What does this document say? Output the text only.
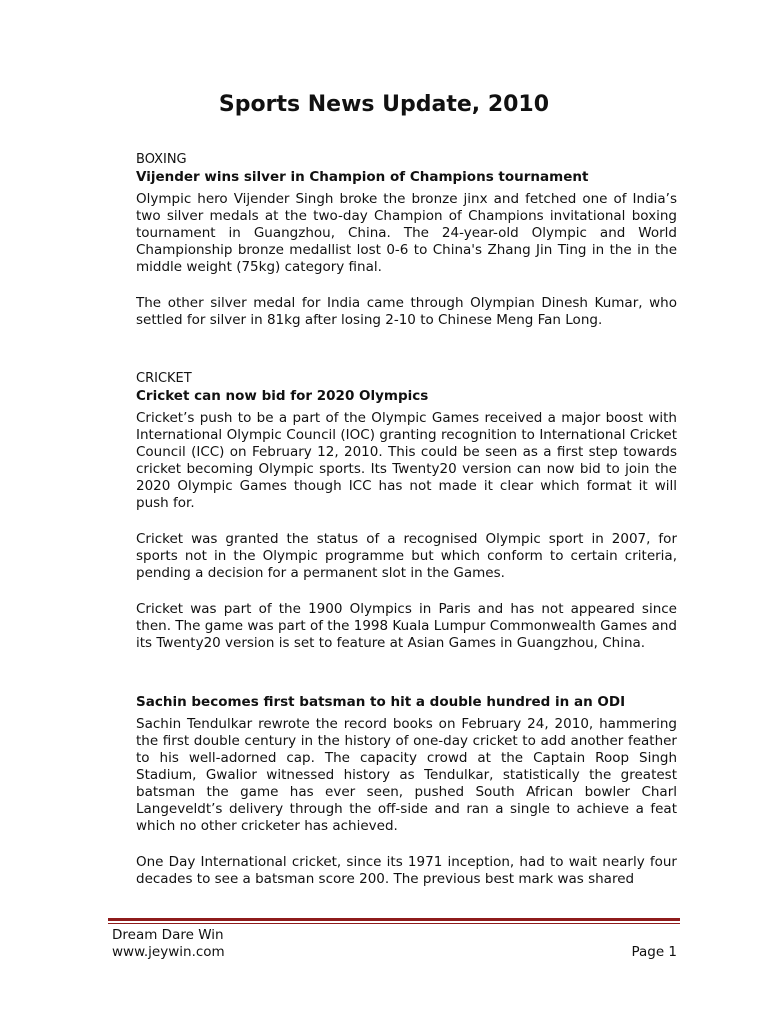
Sports News Update, 2010

BOXING

Vijender wins silver in Champion of Champions tournament

Olympic hero Vijender Singh broke the bronze jinx and fetched one of India’s two silver medals at the two-day Champion of Champions invitational boxing tournament in Guangzhou, China. The 24-year-old Olympic and World Championship bronze medallist lost 0-6 to China's Zhang Jin Ting in the in the middle weight (75kg) category final.

The other silver medal for India came through Olympian Dinesh Kumar, who settled for silver in 81kg after losing 2-10 to Chinese Meng Fan Long.

CRICKET

Cricket can now bid for 2020 Olympics

Cricket’s push to be a part of the Olympic Games received a major boost with International Olympic Council (IOC) granting recognition to International Cricket Council (ICC) on February 12, 2010. This could be seen as a first step towards cricket becoming Olympic sports. Its Twenty20 version can now bid to join the 2020 Olympic Games though ICC has not made it clear which format it will push for.

Cricket was granted the status of a recognised Olympic sport in 2007, for sports not in the Olympic programme but which conform to certain criteria, pending a decision for a permanent slot in the Games.

Cricket was part of the 1900 Olympics in Paris and has not appeared since then. The game was part of the 1998 Kuala Lumpur Commonwealth Games and its Twenty20 version is set to feature at Asian Games in Guangzhou, China.

Sachin becomes first batsman to hit a double hundred in an ODI

Sachin Tendulkar rewrote the record books on February 24, 2010, hammering the first double century in the history of one-day cricket to add another feather to his well-adorned cap. The capacity crowd at the Captain Roop Singh Stadium, Gwalior witnessed history as Tendulkar, statistically the greatest batsman the game has ever seen, pushed South African bowler Charl Langeveldt’s delivery through the off-side and ran a single to achieve a feat which no other cricketer has achieved.

One Day International cricket, since its 1971 inception, had to wait nearly four decades to see a batsman score 200. The previous best mark was shared

Dream Dare Win
www.jeywin.com	Page 1
